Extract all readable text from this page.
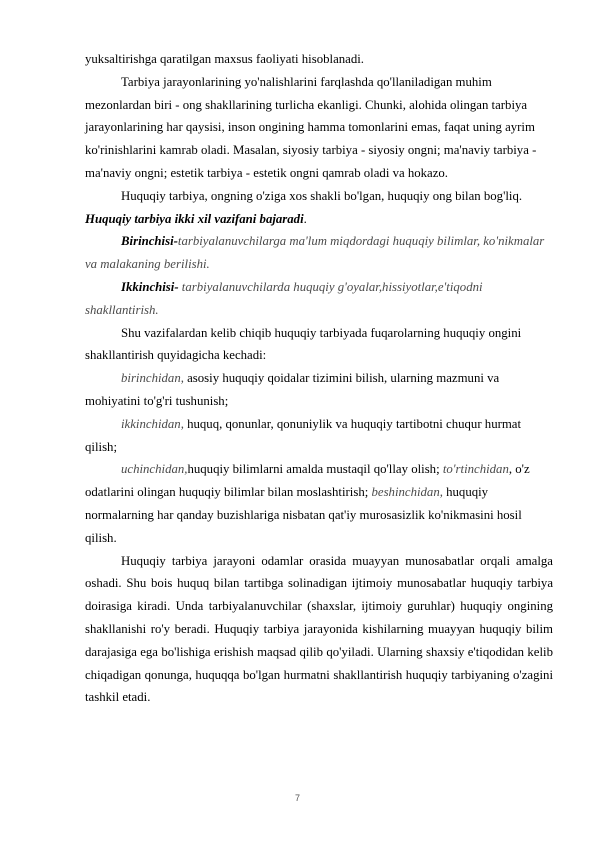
yuksaltirishga qaratilgan maxsus faoliyati hisoblanadi.

Tarbiya jarayonlarining yo'nalishlarini farqlashda qo'llaniladigan muhim mezonlardan biri - ong shakllarining turlicha ekanligi. Chunki, alohida olingan tarbiya jarayonlarining har qaysisi, inson ongining hamma tomonlarini emas, faqat uning ayrim ko'rinishlarini kamrab oladi. Masalan, siyosiy tarbiya - siyosiy ongni; ma'naviy tarbiya - ma'naviy ongni; estetik tarbiya - estetik ongni qamrab oladi va hokazo.

Huquqiy tarbiya, ongning o'ziga xos shakli bo'lgan, huquqiy ong bilan bog'liq. Huquqiy tarbiya ikki xil vazifani bajaradi.

Birinchisi-tarbiyalanuvchilarga ma'lum miqdordagi huquqiy bilimlar, ko'nikmalar va malakaning berilishi.

Ikkinchisi- tarbiyalanuvchilarda huquqiy g'oyalar,hissiyotlar,e'tiqodni shakllantirish.

Shu vazifalardan kelib chiqib huquqiy tarbiyada fuqarolarning huquqiy ongini shakllantirish quyidagicha kechadi:

birinchidan, asosiy huquqiy qoidalar tizimini bilish, ularning mazmuni va mohiyatini to'g'ri tushunish;

ikkinchidan, huquq, qonunlar, qonuniylik va huquqiy tartibotni chuqur hurmat qilish;

uchinchidan,huquqiy bilimlarni amalda mustaqil qo'llay olish; to'rtinchidan, o'z odatlarini olingan huquqiy bilimlar bilan moslashtirish; beshinchidan, huquqiy normalarning har qanday buzishlariga nisbatan qat'iy murosasizlik ko'nikmasini hosil qilish.

Huquqiy tarbiya jarayoni odamlar orasida muayyan munosabatlar orqali amalga oshadi. Shu bois huquq bilan tartibga solinadigan ijtimoiy munosabatlar huquqiy tarbiya doirasiga kiradi. Unda tarbiyalanuvchilar (shaxslar, ijtimoiy guruhlar) huquqiy ongining shakllanishi ro'y beradi. Huquqiy tarbiya jarayonida kishilarning muayyan huquqiy bilim darajasiga ega bo'lishiga erishish maqsad qilib qo'yiladi. Ularning shaxsiy e'tiqodidan kelib chiqadigan qonunga, huquqqa bo'lgan hurmatni shakllantirish huquqiy tarbiyaning o'zagini tashkil etadi.

7
